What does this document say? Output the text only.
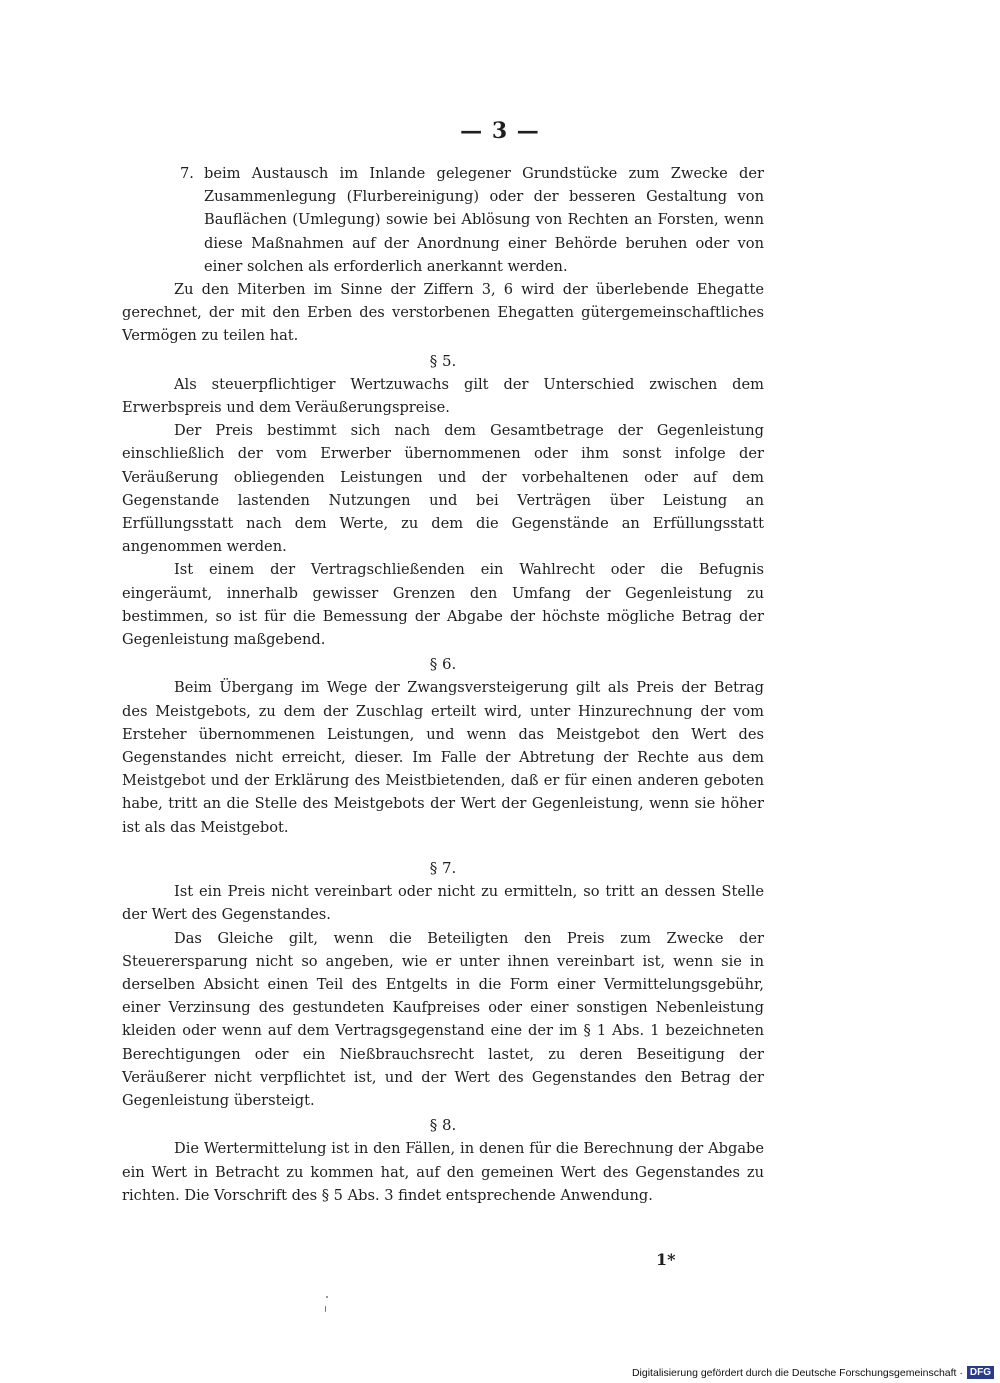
— 3 —
7. beim Austausch im Inlande gelegener Grundstücke zum Zwecke der Zusammenlegung (Flurbereinigung) oder der besseren Gestaltung von Bauflächen (Umlegung) sowie bei Ablösung von Rechten an Forsten, wenn diese Maßnahmen auf der Anordnung einer Behörde beruhen oder von einer solchen als erforderlich anerkannt werden.

Zu den Miterben im Sinne der Ziffern 3, 6 wird der überlebende Ehegatte gerechnet, der mit den Erben des verstorbenen Ehegatten gütergemeinschaftliches Vermögen zu teilen hat.

§ 5.

Als steuerpflichtiger Wertzuwachs gilt der Unterschied zwischen dem Erwerbspreis und dem Veräußerungspreise.

Der Preis bestimmt sich nach dem Gesamtbetrage der Gegenleistung einschließlich der vom Erwerber übernommenen oder ihm sonst infolge der Veräußerung obliegenden Leistungen und der vorbehaltenen oder auf dem Gegenstande lastenden Nutzungen und bei Verträgen über Leistung an Erfüllungsstatt nach dem Werte, zu dem die Gegenstände an Erfüllungsstatt angenommen werden.

Ist einem der Vertragschließenden ein Wahlrecht oder die Befugnis eingeräumt, innerhalb gewisser Grenzen den Umfang der Gegenleistung zu bestimmen, so ist für die Bemessung der Abgabe der höchste mögliche Betrag der Gegenleistung maßgebend.

§ 6.

Beim Übergang im Wege der Zwangsversteigerung gilt als Preis der Betrag des Meistgebots, zu dem der Zuschlag erteilt wird, unter Hinzurechnung der vom Ersteher übernommenen Leistungen, und wenn das Meistgebot den Wert des Gegenstandes nicht erreicht, dieser. Im Falle der Abtretung der Rechte aus dem Meistgebot und der Erklärung des Meistbietenden, daß er für einen anderen geboten habe, tritt an die Stelle des Meistgebots der Wert der Gegenleistung, wenn sie höher ist als das Meistgebot.

§ 7.

Ist ein Preis nicht vereinbart oder nicht zu ermitteln, so tritt an dessen Stelle der Wert des Gegenstandes.

Das Gleiche gilt, wenn die Beteiligten den Preis zum Zwecke der Steuerersparung nicht so angeben, wie er unter ihnen vereinbart ist, wenn sie in derselben Absicht einen Teil des Entgelts in die Form einer Vermittelungsgebühr, einer Verzinsung des gestundeten Kaufpreises oder einer sonstigen Nebenleistung kleiden oder wenn auf dem Vertragsgegenstand eine der im § 1 Abs. 1 bezeichneten Berechtigungen oder ein Nießbrauchsrecht lastet, zu deren Beseitigung der Veräußerer nicht verpflichtet ist, und der Wert des Gegenstandes den Betrag der Gegenleistung übersteigt.

§ 8.

Die Wertermittelung ist in den Fällen, in denen für die Berechnung der Abgabe ein Wert in Betracht zu kommen hat, auf den gemeinen Wert des Gegenstandes zu richten. Die Vorschrift des § 5 Abs. 3 findet entsprechende Anwendung.

1*
Digitalisierung gefördert durch die Deutsche Forschungsgemeinschaft · DFG
